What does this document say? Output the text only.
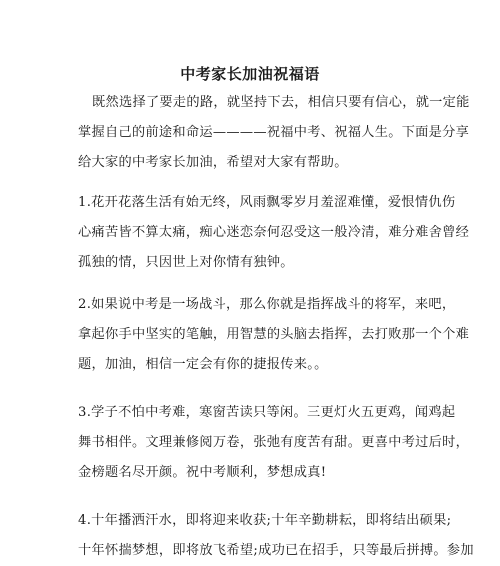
中考家长加油祝福语
既然选择了要走的路，就坚持下去，相信只要有信心，就一定能
掌握自己的前途和命运————祝福中考、祝福人生。下面是分享
给大家的中考家长加油，希望对大家有帮助。
1.花开花落生活有始无终，风雨飘零岁月羞涩难懂，爱恨情仇伤
心痛苦皆不算太痛，痴心迷恋奈何忍受这一般冷清，难分难舍曾经
孤独的情，只因世上对你情有独钟。
2.如果说中考是一场战斗，那么你就是指挥战斗的将军，来吧，
拿起你手中坚实的笔触，用智慧的头脑去指挥，去打败那一个个难
题，加油，相信一定会有你的捷报传来。。
3.学子不怕中考难，寒窗苦读只等闲。三更灯火五更鸡，闻鸡起
舞书相伴。文理兼修阅万卷，张弛有度苦有甜。更喜中考过后时，
金榜题名尽开颜。祝中考顺利，梦想成真!
4.十年播洒汗水，即将迎来收获;十年辛勤耕耘，即将结出硕果;
十年怀揣梦想，即将放飞希望;成功已在招手，只等最后拼搏。参加
